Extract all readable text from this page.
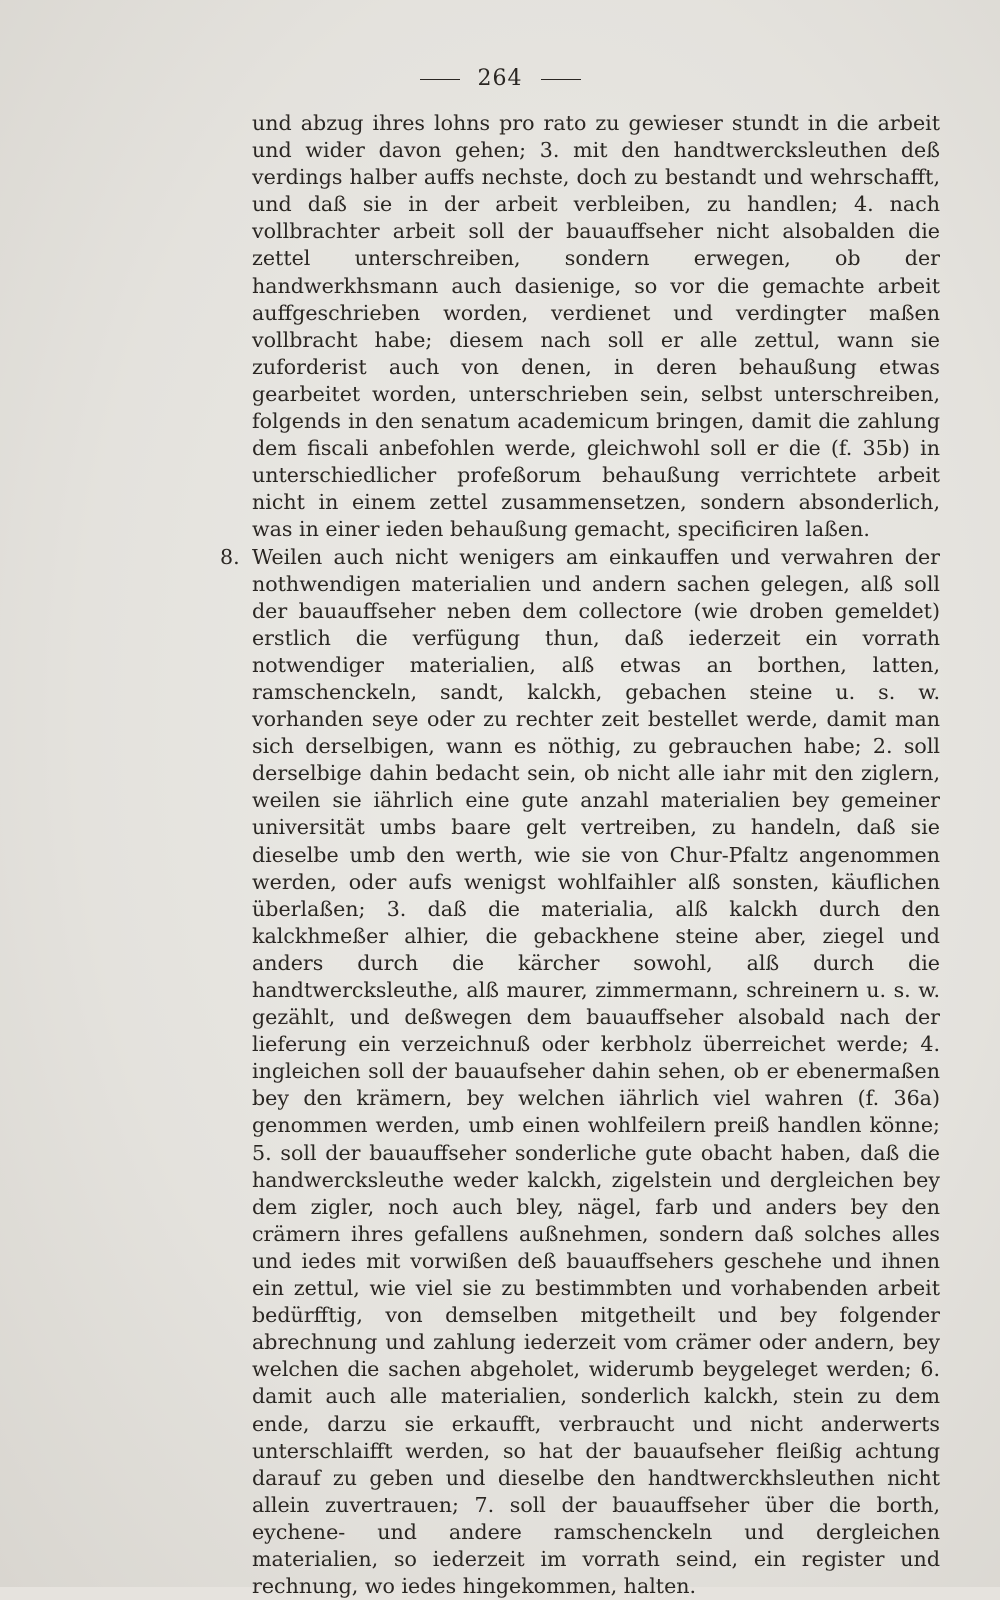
264

und abzug ihres lohns pro rato zu gewieser stundt in die arbeit und wider davon gehen; 3. mit den handtwercksleuthen deß verdings halber auffs nechste, doch zu bestandt und wehrschafft, und daß sie in der arbeit verbleiben, zu handlen; 4. nach vollbrachter arbeit soll der bauauffseher nicht alsobalden die zettel unterschreiben, sondern erwegen, ob der handwerkhsmann auch dasienige, so vor die gemachte arbeit auffgeschrieben worden, verdienet und verdingter maßen vollbracht habe; diesem nach soll er alle zettul, wann sie zuforderist auch von denen, in deren behaußung etwas gearbeitet worden, unterschrieben sein, selbst unterschreiben, folgends in den senatum academicum bringen, damit die zahlung dem fiscali anbefohlen werde, gleichwohl soll er die (f. 35b) in unterschiedlicher profeßorum behaußung verrichtete arbeit nicht in einem zettel zusammensetzen, sondern absonderlich, was in einer ieden behaußung gemacht, specificiren laßen.

8. Weilen auch nicht wenigers am einkauffen und verwahren der nothwendigen materialien und andern sachen gelegen, alß soll der bauauffseher neben dem collectore (wie droben gemeldet) erstlich die verfügung thun, daß iederzeit ein vorrath notwendiger materialien, alß etwas an borthen, latten, ramschenckeln, sandt, kalckh, gebachen steine u. s. w. vorhanden seye oder zu rechter zeit bestellet werde, damit man sich derselbigen, wann es nöthig, zu gebrauchen habe; 2. soll derselbige dahin bedacht sein, ob nicht alle iahr mit den ziglern, weilen sie iährlich eine gute anzahl materialien bey gemeiner universität umbs baare gelt vertreiben, zu handeln, daß sie dieselbe umb den werth, wie sie von Chur-Pfaltz angenommen werden, oder aufs wenigst wohlfaihler alß sonsten, käuflichen überlaßen; 3. daß die materialia, alß kalckh durch den kalckhmeßer alhier, die gebackhene steine aber, ziegel und anders durch die kärcher sowohl, alß durch die handtwercksleuthe, alß maurer, zimmermann, schreinern u. s. w. gezählt, und deßwegen dem bauauffseher alsobald nach der lieferung ein verzeichnuß oder kerbholz überreichet werde; 4. ingleichen soll der bauaufseher dahin sehen, ob er ebenermaßen bey den krämern, bey welchen iährlich viel wahren (f. 36a) genommen werden, umb einen wohlfeilern preiß handlen könne; 5. soll der bauauffseher sonderliche gute obacht haben, daß die handwercksleuthe weder kalckh, zigelstein und dergleichen bey dem zigler, noch auch bley, nägel, farb und anders bey den crämern ihres gefallens außnehmen, sondern daß solches alles und iedes mit vorwißen deß bauauffsehers geschehe und ihnen ein zettul, wie viel sie zu bestimmbten und vorhabenden arbeit bedürfftig, von demselben mitgetheilt und bey folgender abrechnung und zahlung iederzeit vom crämer oder andern, bey welchen die sachen abgeholet, widerumb beygeleget werden; 6. damit auch alle materialien, sonderlich kalckh, stein zu dem ende, darzu sie erkaufft, verbraucht und nicht anderwerts unterschlaifft werden, so hat der bauaufseher fleißig achtung darauf zu geben und dieselbe den handtwerckhsleuthen nicht allein zuvertrauen; 7. soll der bauauffseher über die borth, eychene- und andere ramschenckeln und dergleichen materialien, so iederzeit im vorrath seind, ein register und rechnung, wo iedes hingekommen, halten.
